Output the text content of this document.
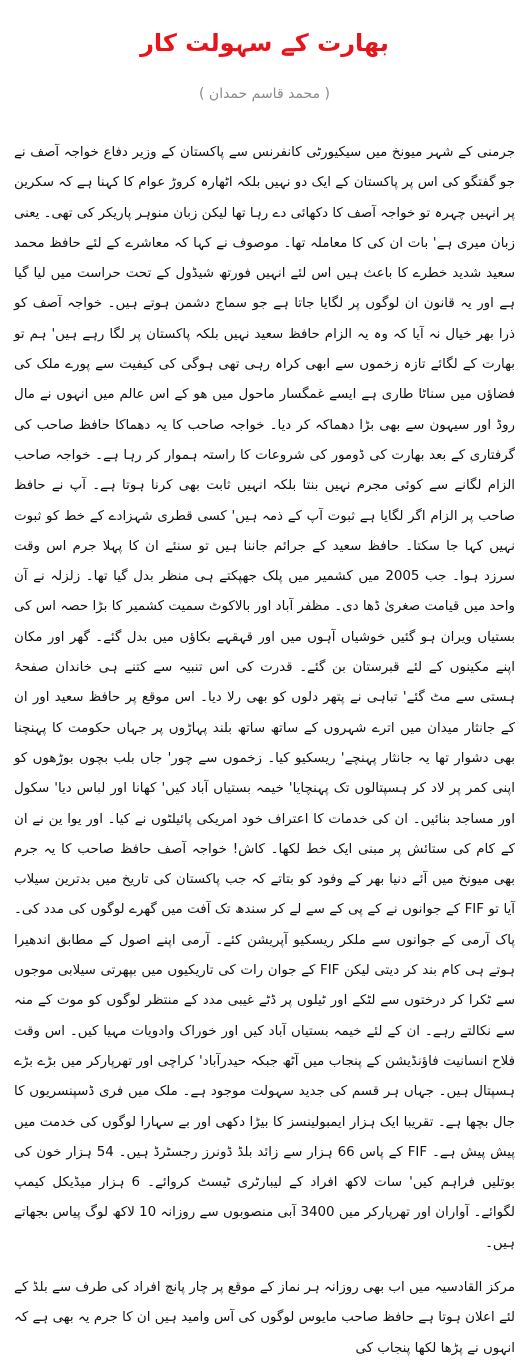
بھارت کے سہولت کار
( محمد قاسم حمدان )

جرمنی کے شہر میونخ میں سیکیورٹی کانفرنس سے پاکستان کے وزیر دفاع خواجہ آصف نے جو گفتگو کی اس پر پاکستان کے ایک دو نہیں بلکہ اٹھارہ کروڑ عوام کا کہنا ہے کہ سکرین پر انہیں چہرہ تو خواجہ آصف کا دکھائی دے رہا تھا لیکن زبان منوہر پاریکر کی تھی۔ یعنی زبان میری ہے' بات ان کی کا معاملہ تھا۔ موصوف نے کہا کہ معاشرے کے لئے حافظ محمد سعید شدید خطرے کا باعث ہیں اس لئے انہیں فورتھ شیڈول کے تحت حراست میں لیا گیا ہے اور یہ قانون ان لوگوں پر لگایا جاتا ہے جو سماج دشمن ہوتے ہیں۔ خواجہ آصف کو ذرا بھر خیال نہ آیا کہ وہ یہ الزام حافظ سعید نہیں بلکہ پاکستان پر لگا رہے ہیں' ہم تو بھارت کے لگائے تازہ زخموں سے ابھی کراہ رہی تھی ہوگی کی کیفیت سے پورے ملک کی فضاؤں میں سناٹا طاری ہے ایسے غمگسار ماحول میں ھو کے اس عالم میں انہوں نے مال روڈ اور سیہون سے بھی بڑا دھماکہ کر دیا۔ خواجہ صاحب کا یہ دھماکا حافظ صاحب کی گرفتاری کے بعد بھارت کی ڈومور کی شروعات کا راستہ ہموار کر رہا ہے۔ خواجہ صاحب الزام لگانے سے کوئی مجرم نہیں بنتا بلکہ انہیں ثابت بھی کرنا ہوتا ہے۔ آپ نے حافظ صاحب پر الزام اگر لگایا ہے ثبوت آپ کے ذمہ ہیں' کسی قطری شہزادے کے خط کو ثبوت نہیں کہا جا سکتا۔ حافظ سعید کے جرائم جاننا ہیں تو سنئے ان کا پہلا جرم اس وقت سرزد ہوا۔ جب 2005 میں کشمیر میں پلک جھپکتے ہی منظر بدل گیا تھا۔ زلزلہ نے آن واحد میں قیامت صغریٰ ڈھا دی۔ مظفر آباد اور بالاکوٹ سمیت کشمیر کا بڑا حصہ اس کی بستیاں ویران ہو گئیں خوشیاں آہوں میں اور قہقہے بکاؤں میں بدل گئے۔ گھر اور مکان اپنے مکینوں کے لئے قبرستان بن گئے۔ قدرت کی اس تنبیہ سے کتنے ہی خاندان صفحۂ ہستی سے مٹ گئے' تباہی نے پتھر دلوں کو بھی رلا دیا۔ اس موقع پر حافظ سعید اور ان کے جانثار میدان میں اترے شہروں کے ساتھ ساتھ بلند پہاڑوں پر جہاں حکومت کا پہنچنا بھی دشوار تھا یہ جانثار پہنچے' ریسکیو کیا۔ زخموں سے چور' جاں بلب بچوں بوڑھوں کو اپنی کمر پر لاد کر ہسپتالوں تک پہنچایا' خیمہ بستیاں آباد کیں' کھانا اور لباس دیا' سکول اور مساجد بنائیں۔ ان کی خدمات کا اعتراف خود امریکی پائیلٹوں نے کیا۔ اور یوا ین نے ان کے کام کی ستائش پر مبنی ایک خط لکھا۔ کاش! خواجہ آصف حافظ صاحب کا یہ جرم بھی میونخ میں آئے دنیا بھر کے وفود کو بتاتے کہ جب پاکستان کی تاریخ میں بدترین سیلاب آیا تو FIF کے جوانوں نے کے پی کے سے لے کر سندھ تک آفت میں گھرے لوگوں کی مدد کی۔ پاک آرمی کے جوانوں سے ملکر ریسکیو آپریشن کئے۔ آرمی اپنے اصول کے مطابق اندھیرا ہوتے ہی کام بند کر دیتی لیکن FIF کے جوان رات کی تاریکیوں میں بپھرتی سیلابی موجوں سے ٹکرا کر درختوں سے لٹکے اور ٹیلوں پر ڈٹے غیبی مدد کے منتظر لوگوں کو موت کے منہ سے نکالتے رہے۔ ان کے لئے خیمہ بستیاں آباد کیں اور خوراک وادویات مہیا کیں۔ اس وقت فلاح انسانیت فاؤنڈیشن کے پنجاب میں آٹھ جبکہ حیدرآباد' کراچی اور تھرپارکر میں بڑے بڑے ہسپتال ہیں۔ جہاں ہر قسم کی جدید سہولت موجود ہے۔ ملک میں فری ڈسپنسریوں کا جال بچھا ہے۔ تقریبا ایک ہزار ایمبولینسز کا بیڑا دکھی اور بے سہارا لوگوں کی خدمت میں پیش پیش ہے۔ FIF کے پاس 66 ہزار سے زائد بلڈ ڈونرز رجسٹرڈ ہیں۔ 54 ہزار خون کی بوتلیں فراہم کیں' سات لاکھ افراد کے لیبارٹری ٹیسٹ کروائے۔ 6 ہزار میڈیکل کیمپ لگوائے۔ آواران اور تھرپارکر میں 3400 آبی منصوبوں سے روزانہ 10 لاکھ لوگ پیاس بجھاتے ہیں۔

مرکز القادسیہ میں اب بھی روزانہ ہر نماز کے موقع پر چار پانچ افراد کی طرف سے بلڈ کے لئے اعلان ہوتا ہے حافظ صاحب مایوس لوگوں کی آس وامید ہیں ان کا جرم یہ بھی ہے کہ انہوں نے پڑھا لکھا پنجاب کی
